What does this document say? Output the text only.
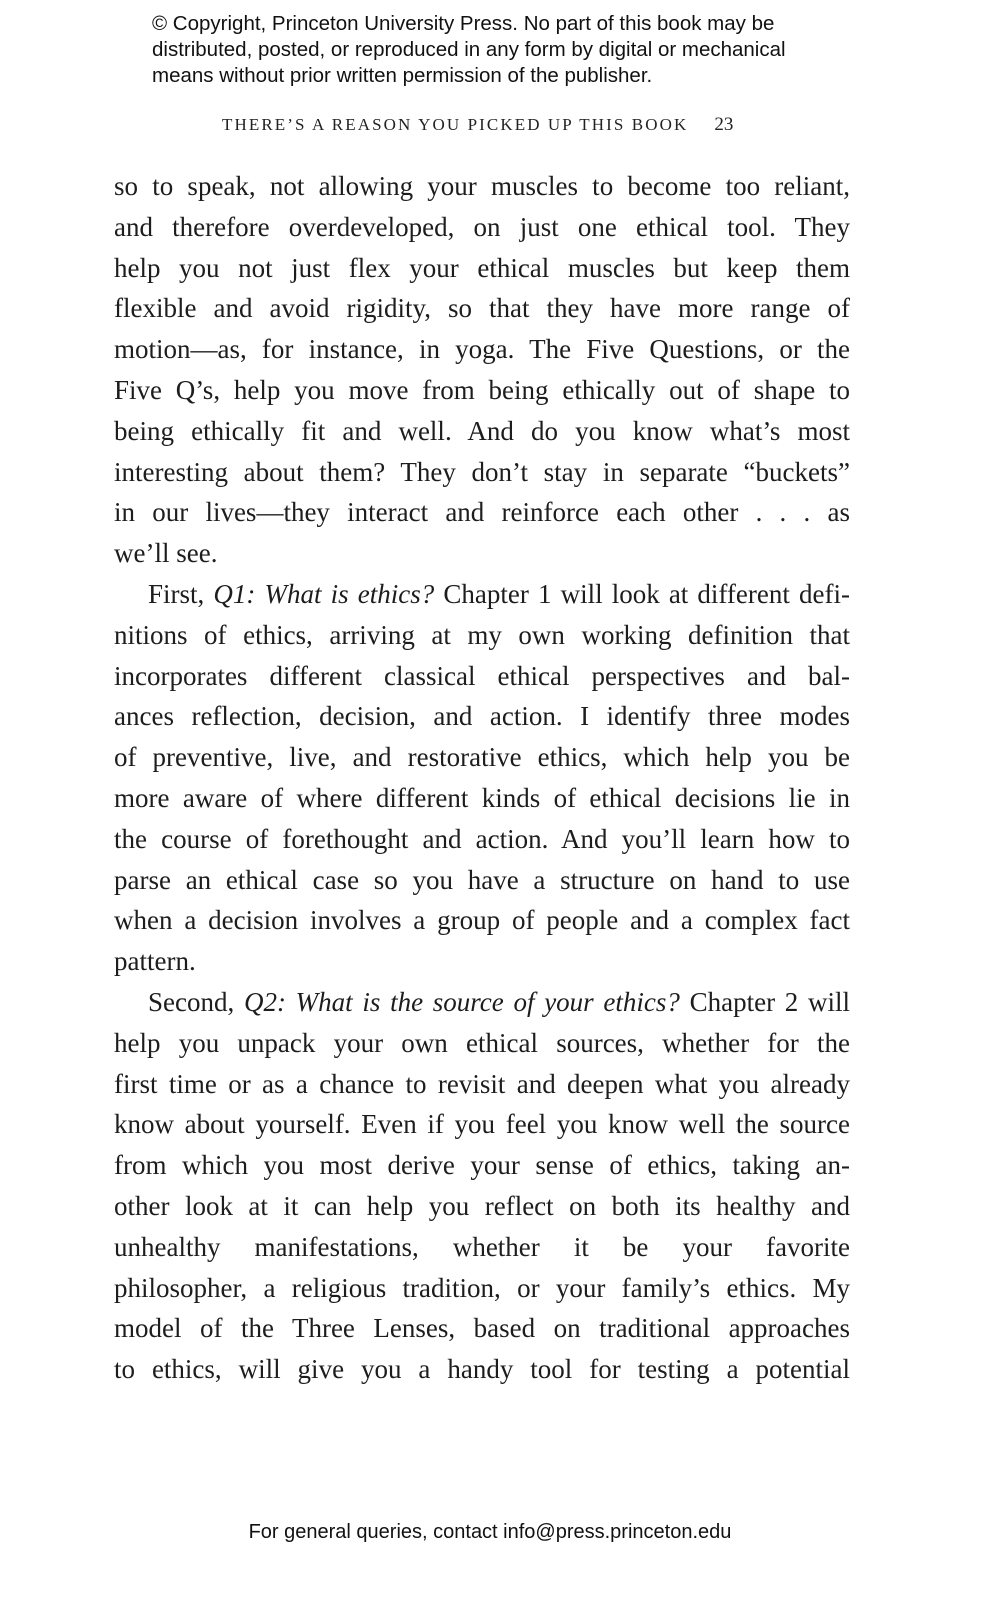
© Copyright, Princeton University Press. No part of this book may be
distributed, posted, or reproduced in any form by digital or mechanical
means without prior written permission of the publisher.
THERE’S A REASON YOU PICKED UP THIS BOOK 23
so to speak, not allowing your muscles to become too reliant,
and therefore overdeveloped, on just one ethical tool. They
help you not just flex your ethical muscles but keep them
flexible and avoid rigidity, so that they have more range of
motion—as, for instance, in yoga. The Five Questions, or the
Five Q’s, help you move from being ethically out of shape to
being ethically fit and well. And do you know what’s most
interesting about them? They don’t stay in separate “buckets”
in our lives—they interact and reinforce each other . . . as
we’ll see.
First, Q1: What is ethics? Chapter 1 will look at different defi-
nitions of ethics, arriving at my own working definition that
incorporates different classical ethical perspectives and bal-
ances reflection, decision, and action. I identify three modes
of preventive, live, and restorative ethics, which help you be
more aware of where different kinds of ethical decisions lie in
the course of forethought and action. And you’ll learn how to
parse an ethical case so you have a structure on hand to use
when a decision involves a group of people and a complex fact
pattern.
Second, Q2: What is the source of your ethics? Chapter 2 will
help you unpack your own ethical sources, whether for the
first time or as a chance to revisit and deepen what you already
know about yourself. Even if you feel you know well the source
from which you most derive your sense of ethics, taking an-
other look at it can help you reflect on both its healthy and
unhealthy manifestations, whether it be your favorite
philosopher, a religious tradition, or your family’s ethics. My
model of the Three Lenses, based on traditional approaches
to ethics, will give you a handy tool for testing a potential
For general queries, contact info@press.princeton.edu
